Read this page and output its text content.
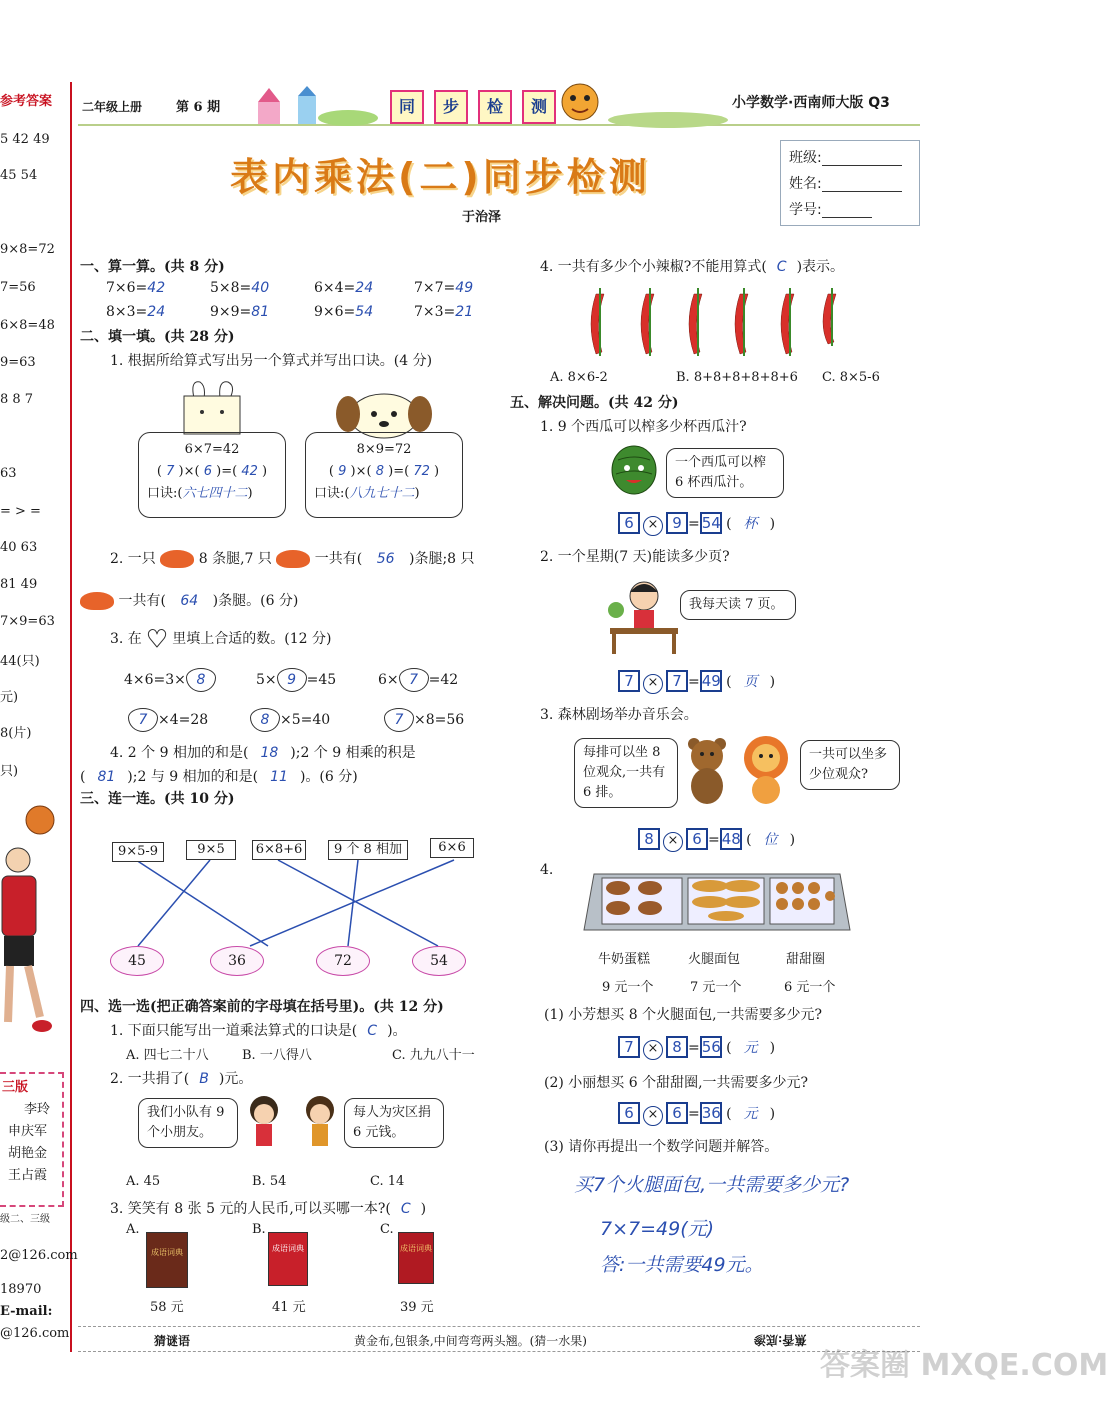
参考答案
5 42 49
45 54
9×8=72
7=56
6×8=48
9=63
8 8 7
63
= > =
40 63
81 49
7×9=63
44(只)
元)
8(片)
只)
三版
李玲
申庆军
胡艳金
王占霞
级二、三级
2@126.com
18970
E-mail:
@126.com
二年级上册	第 6 期	同	步	检	测	小学数学·西南师大版 Q3
表内乘法(二)同步检测
于治泽
班级:
姓名:
学号:
一、算一算。(共 8 分)
7×6=42	5×8=40	6×4=24	7×7=49
8×3=24	9×9=81	9×6=54	7×3=21
二、填一填。(共 28 分)
1. 根据所给算式写出另一个算式并写出口诀。(4 分)
6×7=42
( 7 )×( 6 )=( 42 )
口诀:(六七四十二)
8×9=72
( 9 )×( 8 )=( 72 )
口诀:(八九七十二)
2. 一只	8 条腿,7 只	一共有( 56 )条腿;8 只
一共有( 64 )条腿。(6 分)
3. 在 ♥ 里填上合适的数。(12 分)
4×6=3× 8	5× 9 =45	6× 7 =42
7 ×4=28	8 ×5=40	7 ×8=56
4. 2 个 9 相加的和是( 18 );2 个 9 相乘的积是
( 81 );2 与 9 相加的和是( 11 )。(6 分)
三、连一连。(共 10 分)
9×5-9	9×5	6×8+6	9 个 8 相加	6×6
45	36	72	54
四、选一选(把正确答案前的字母填在括号里)。(共 12 分)
1. 下面只能写出一道乘法算式的口诀是( C )。
A. 四七二十八	B. 一八得八	C. 九九八十一
2. 一共捐了( B )元。
我们小队有 9 个小朋友。
每人为灾区捐 6 元钱。
A. 45	B. 54	C. 14
3. 笑笑有 8 张 5 元的人民币,可以买哪一本?( C )
A.	B.	C.
成语词典	成语词典	成语词典
58 元	41 元	39 元
4. 一共有多少个小辣椒?不能用算式( C )表示。
A. 8×6-2	B. 8+8+8+8+8+6 C. 8×5-6
五、解决问题。(共 42 分)
1. 9 个西瓜可以榨多少杯西瓜汁?
一个西瓜可以榨 6 杯西瓜汁。
6 × 9 = 54 ( 杯 )
2. 一个星期(7 天)能读多少页?
我每天读 7 页。
7 × 7 = 49 ( 页 )
3. 森林剧场举办音乐会。
每排可以坐 8 位观众,一共有 6 排。
一共可以坐多少位观众?
8 × 6 = 48 ( 位 )
4.
牛奶蛋糕	火腿面包	甜甜圈
9 元一个	7 元一个	6 元一个
(1) 小芳想买 8 个火腿面包,一共需要多少元?
7 × 8 = 56 ( 元 )
(2) 小丽想买 6 个甜甜圈,一共需要多少元?
6 × 6 = 36 ( 元 )
(3) 请你再提出一个数学问题并解答。
买7个火腿面包,一共需要多少元?
7×7=49(元)
答:一共需要49元。
猜谜语	黄金布,包银条,中间弯弯两头翘。(猜一水果)	蕉香:底渗
答案圈 MXQE.COM
